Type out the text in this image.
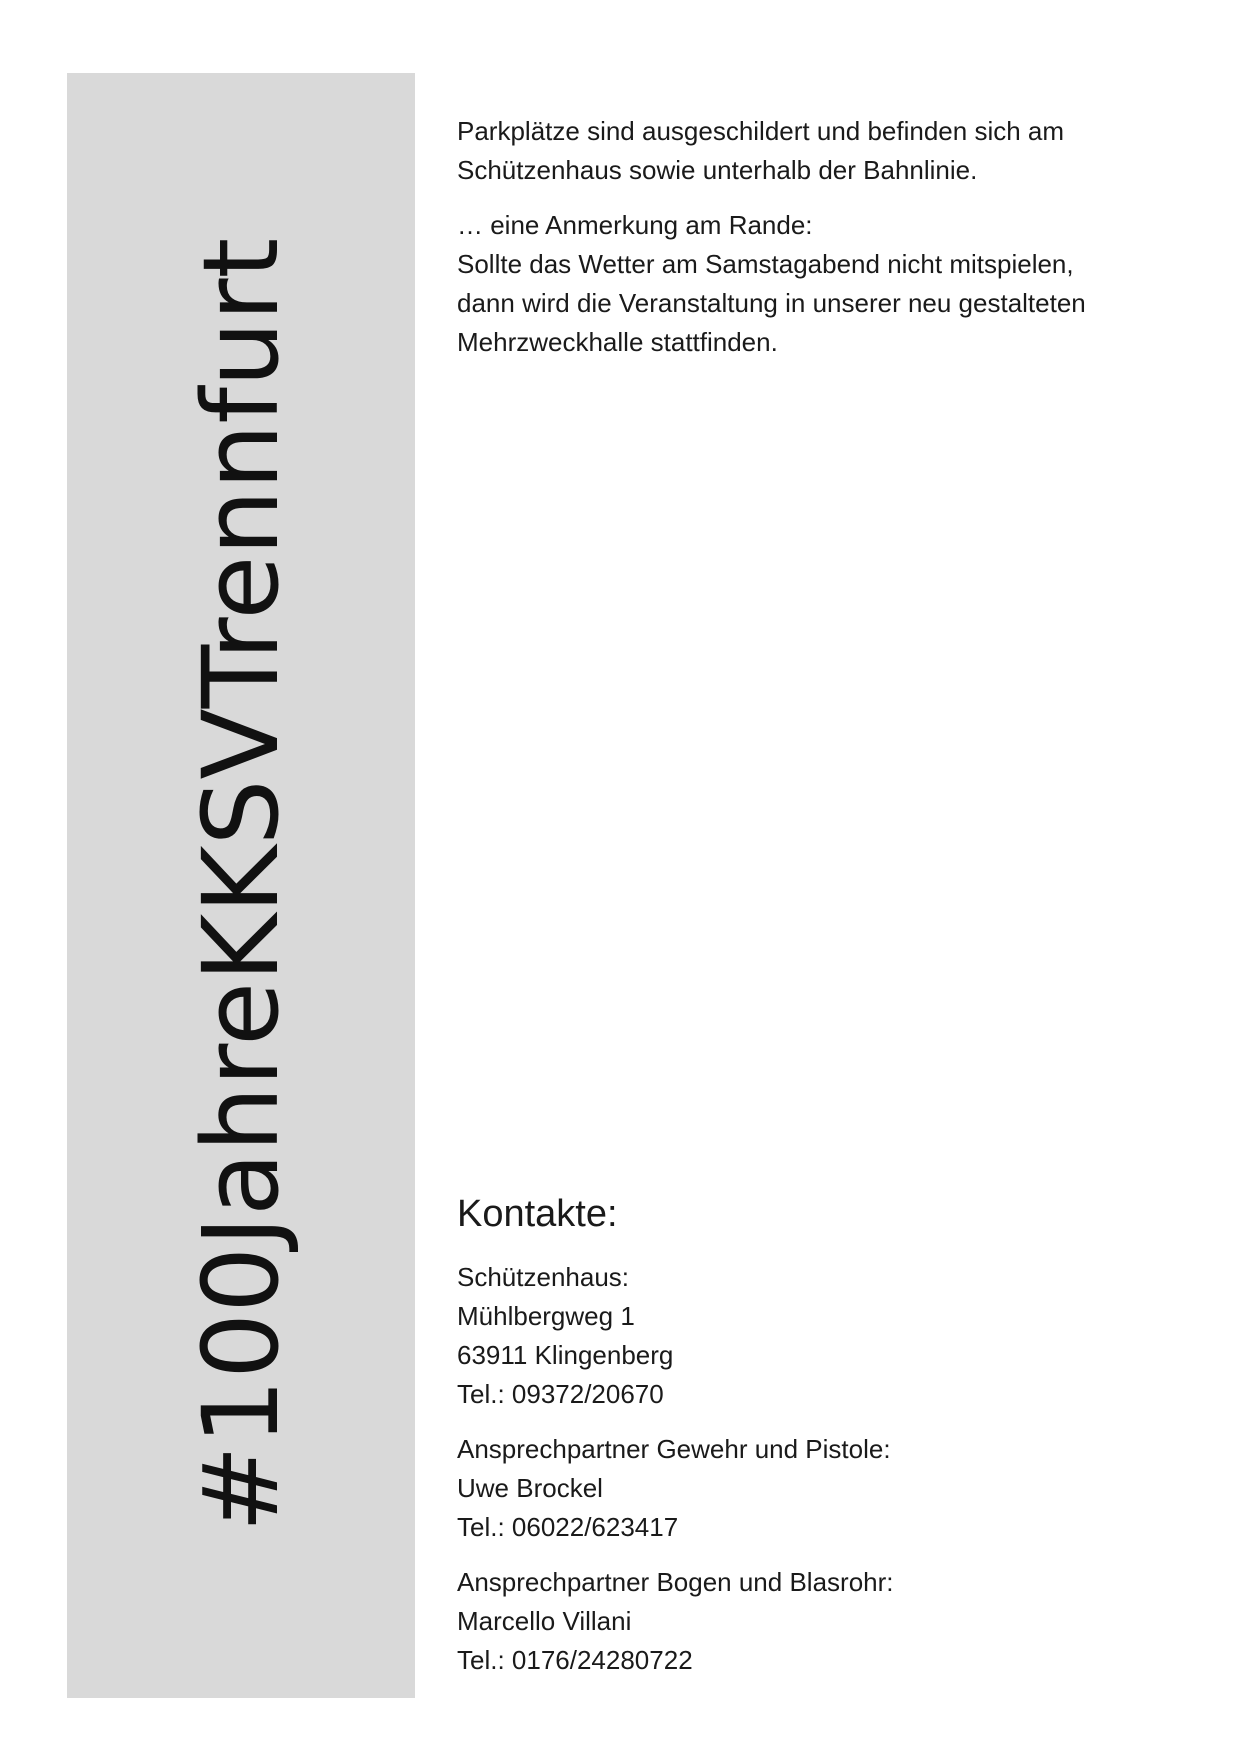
#100JahreKKSVTrennfurt

Parkplätze sind ausgeschildert und befinden sich am
Schützenhaus sowie unterhalb der Bahnlinie.

… eine Anmerkung am Rande:
Sollte das Wetter am Samstagabend nicht mitspielen,
dann wird die Veranstaltung in unserer neu gestalteten
Mehrzweckhalle stattfinden.

Kontakte:
Schützenhaus:
Mühlbergweg 1
63911 Klingenberg
Tel.: 09372/20670
Ansprechpartner Gewehr und Pistole:
Uwe Brockel
Tel.: 06022/623417
Ansprechpartner Bogen und Blasrohr:
Marcello Villani
Tel.: 0176/24280722
